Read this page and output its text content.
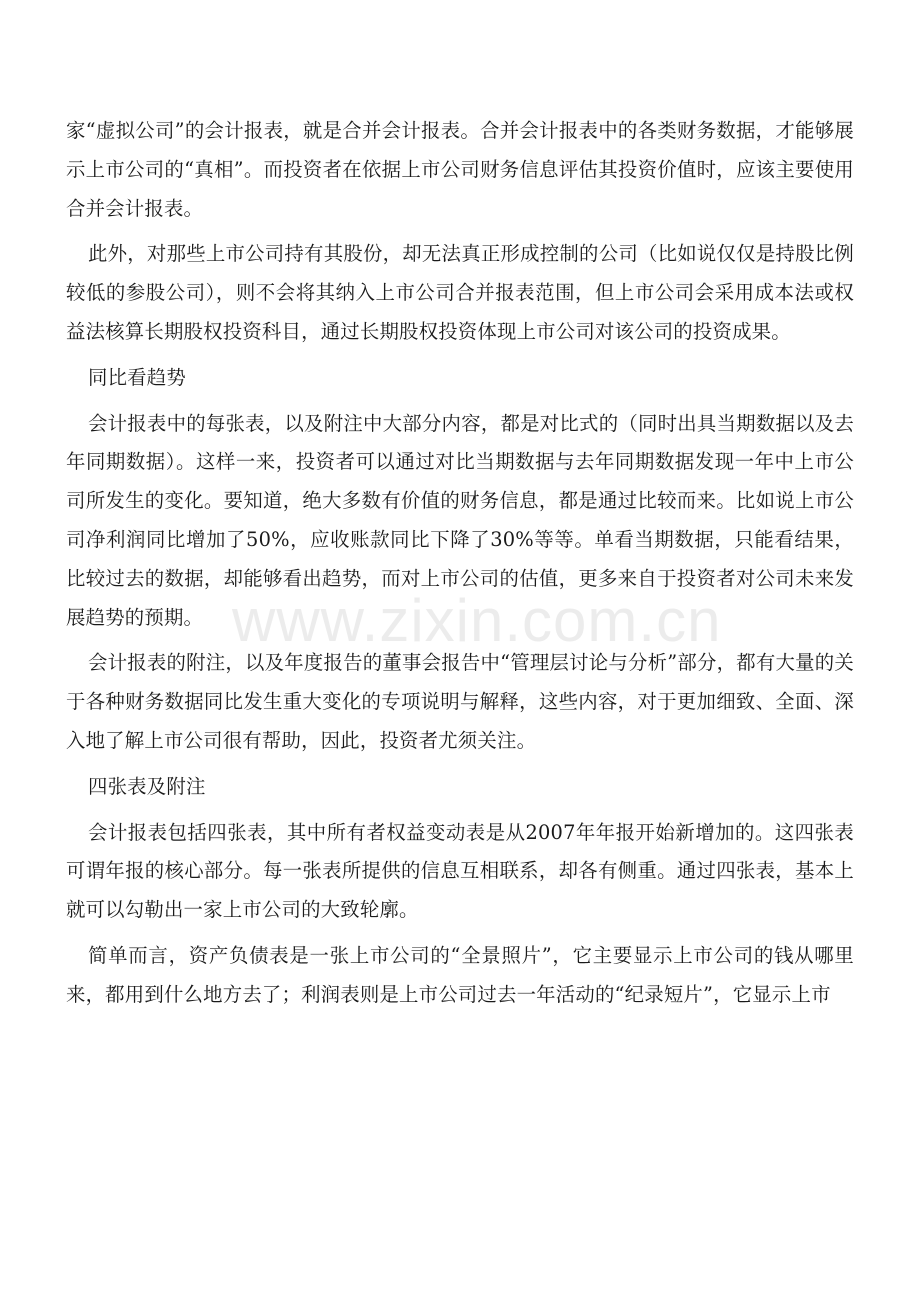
家“虚拟公司”的会计报表，就是合并会计报表。合并会计报表中的各类财务数据，才能够展示上市公司的“真相”。而投资者在依据上市公司财务信息评估其投资价值时，应该主要使用合并会计报表。

此外，对那些上市公司持有其股份，却无法真正形成控制的公司（比如说仅仅是持股比例较低的参股公司），则不会将其纳入上市公司合并报表范围，但上市公司会采用成本法或权益法核算长期股权投资科目，通过长期股权投资体现上市公司对该公司的投资成果。

同比看趋势

会计报表中的每张表，以及附注中大部分内容，都是对比式的（同时出具当期数据以及去年同期数据）。这样一来，投资者可以通过对比当期数据与去年同期数据发现一年中上市公司所发生的变化。要知道，绝大多数有价值的财务信息，都是通过比较而来。比如说上市公司净利润同比增加了50%，应收账款同比下降了30%等等。单看当期数据，只能看结果，比较过去的数据，却能够看出趋势，而对上市公司的估值，更多来自于投资者对公司未来发展趋势的预期。

会计报表的附注，以及年度报告的董事会报告中“管理层讨论与分析”部分，都有大量的关于各种财务数据同比发生重大变化的专项说明与解释，这些内容，对于更加细致、全面、深入地了解上市公司很有帮助，因此，投资者尤须关注。

四张表及附注

会计报表包括四张表，其中所有者权益变动表是从2007年年报开始新增加的。这四张表可谓年报的核心部分。每一张表所提供的信息互相联系，却各有侧重。通过四张表，基本上就可以勾勒出一家上市公司的大致轮廓。

简单而言，资产负债表是一张上市公司的“全景照片”，它主要显示上市公司的钱从哪里来，都用到什么地方去了；利润表则是上市公司过去一年活动的“纪录短片”，它显示上市

www.zixin.com.cn
